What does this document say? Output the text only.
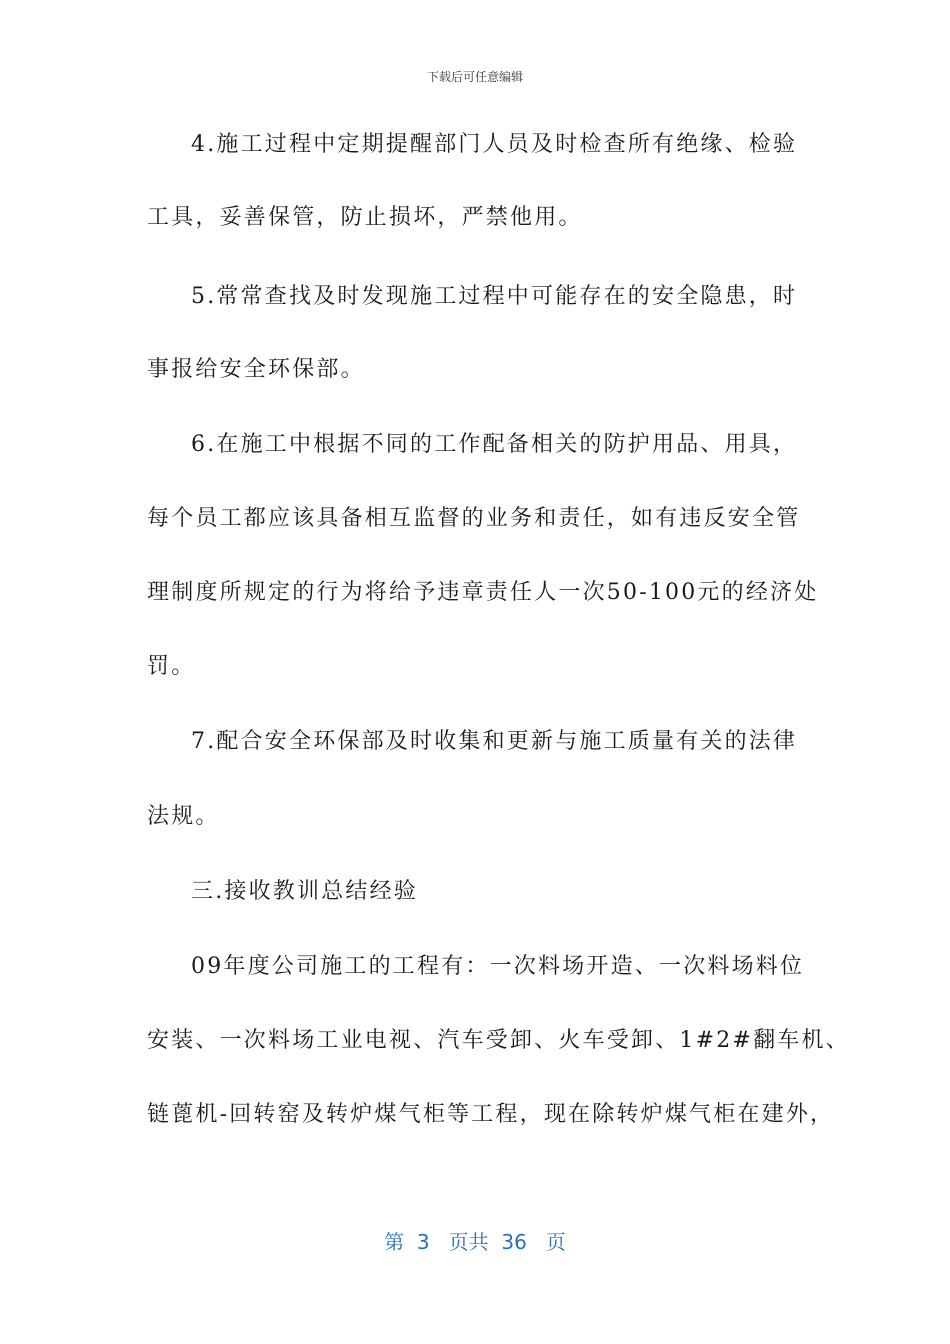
下载后可任意编辑
4.施工过程中定期提醒部门人员及时检查所有绝缘、检验
工具，妥善保管，防止损坏，严禁他用。
5.常常查找及时发现施工过程中可能存在的安全隐患，时
事报给安全环保部。
6.在施工中根据不同的工作配备相关的防护用品、用具，
每个员工都应该具备相互监督的业务和责任，如有违反安全管
理制度所规定的行为将给予违章责任人一次50-100元的经济处
罚。
7.配合安全环保部及时收集和更新与施工质量有关的法律
法规。
三.接收教训总结经验
09年度公司施工的工程有：一次料场开造、一次料场料位
安装、一次料场工业电视、汽车受卸、火车受卸、1#2#翻车机、
链蓖机-回转窑及转炉煤气柜等工程，现在除转炉煤气柜在建外，
第  3   页共  36   页
